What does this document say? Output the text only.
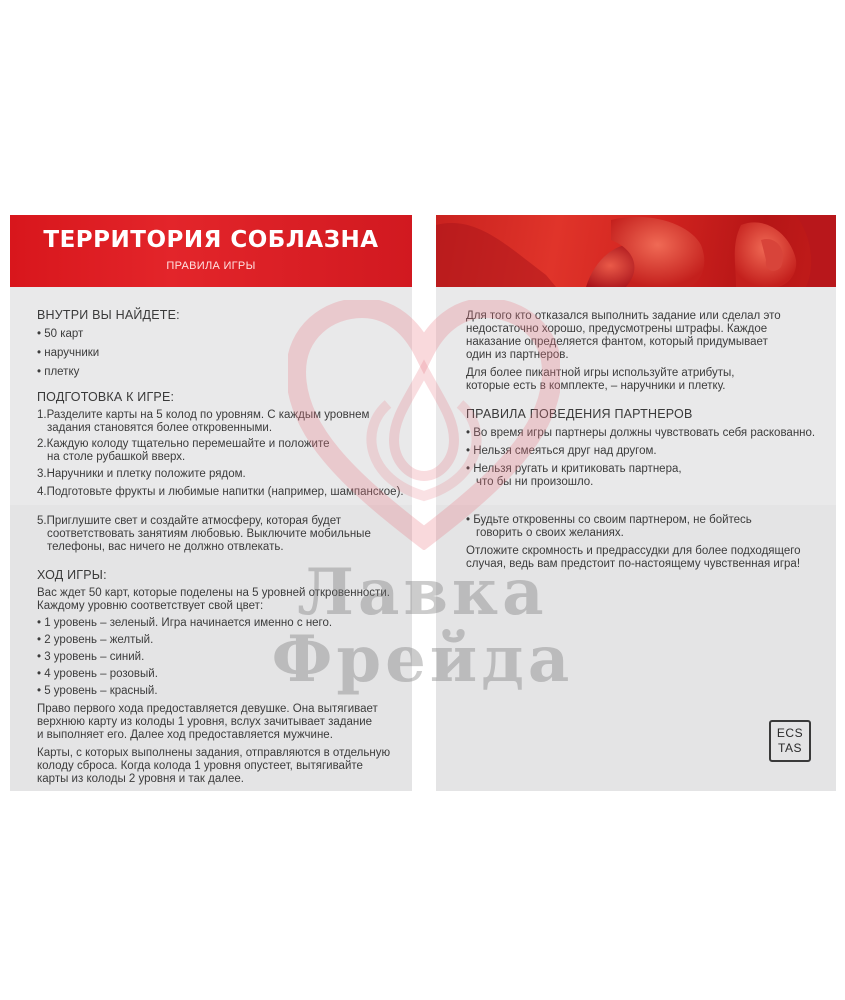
ТЕРРИТОРИЯ СОБЛАЗНА
ПРАВИЛА ИГРЫ

ВНУТРИ ВЫ НАЙДЕТЕ:

• 50 карт

• наручники

• плетку

ПОДГОТОВКА К ИГРЕ:

1.Разделите карты на 5 колод по уровням. С каждым уровнем

задания становятся более откровенными.

2.Каждую колоду тщательно перемешайте и положите

на столе рубашкой вверх.

3.Наручники и плетку положите рядом.

4.Подготовьте фрукты и любимые напитки (например, шампанское).

5.Приглушите свет и создайте атмосферу, которая будет

соответствовать занятиям любовью. Выключите мобильные

телефоны, вас ничего не должно отвлекать.

ХОД ИГРЫ:

Вас ждет 50 карт, которые поделены на 5 уровней откровенности.

Каждому уровню соответствует свой цвет:

• 1 уровень – зеленый. Игра начинается именно с него.

• 2 уровень – желтый.

• 3 уровень – синий.

• 4 уровень – розовый.

• 5 уровень – красный.

Право первого хода предоставляется девушке. Она вытягивает

верхнюю карту из колоды 1 уровня, вслух зачитывает задание

и выполняет его. Далее ход предоставляется мужчине.

Карты, с которых выполнены задания, отправляются в отдельную

колоду сброса. Когда колода 1 уровня опустеет, вытягивайте

карты из колоды 2 уровня и так далее.

Для того кто отказался выполнить задание или сделал это

недостаточно хорошо, предусмотрены штрафы. Каждое

наказание определяется фантом, который придумывает

один из партнеров.

Для более пикантной игры используйте атрибуты,

которые есть в комплекте, – наручники и плетку.

ПРАВИЛА ПОВЕДЕНИЯ ПАРТНЕРОВ

• Во время игры партнеры должны чувствовать себя раскованно.

• Нельзя смеяться друг над другом.

• Нельзя ругать и критиковать партнера,

что бы ни произошло.

• Будьте откровенны со своим партнером, не бойтесь

говорить о своих желаниях.

Отложите скромность и предрассудки для более подходящего

случая, ведь вам предстоит по-настоящему чувственная игра!

ECS
TAS
Лавка
Фрейда
